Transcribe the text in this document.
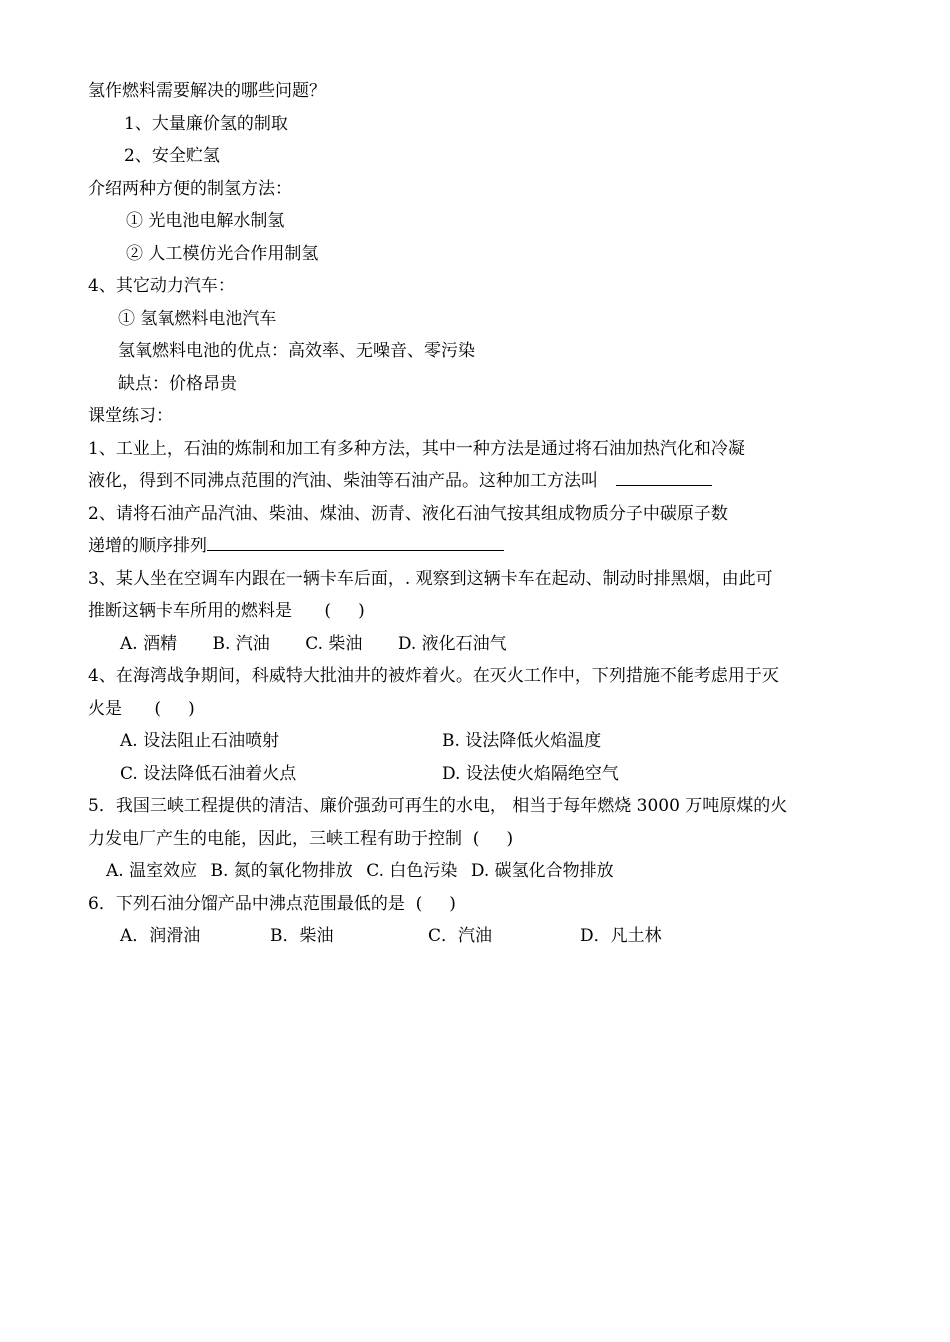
氢作燃料需要解决的哪些问题？
1、大量廉价氢的制取
2、安全贮氢
介绍两种方便的制氢方法：
① 光电池电解水制氢
② 人工模仿光合作用制氢
4、其它动力汽车：
① 氢氧燃料电池汽车
氢氧燃料电池的优点：高效率、无噪音、零污染
缺点：价格昂贵
课堂练习：
1、工业上，石油的炼制和加工有多种方法，其中一种方法是通过将石油加热汽化和冷凝
液化，得到不同沸点范围的汽油、柴油等石油产品。这种加工方法叫
2、请将石油产品汽油、柴油、煤油、沥青、液化石油气按其组成物质分子中碳原子数
递增的顺序排列
3、某人坐在空调车内跟在一辆卡车后面，. 观察到这辆卡车在起动、制动时排黑烟，由此可
推断这辆卡车所用的燃料是      (     )
A. 酒精 B. 汽油 C. 柴油 D. 液化石油气
4、在海湾战争期间，科威特大批油井的被炸着火。在灭火工作中，下列措施不能考虑用于灭
火是      (     )
A. 设法阻止石油喷射	B. 设法降低火焰温度
C. 设法降低石油着火点	D. 设法使火焰隔绝空气
5．我国三峡工程提供的清洁、廉价强劲可再生的水电， 相当于每年燃烧 3000 万吨原煤的火
力发电厂产生的电能，因此，三峡工程有助于控制  (     )
A. 温室效应 B. 氮的氧化物排放 C. 白色污染 D. 碳氢化合物排放
6．下列石油分馏产品中沸点范围最低的是  (     )
A．润滑油	B．柴油	C．汽油	D．凡土林
